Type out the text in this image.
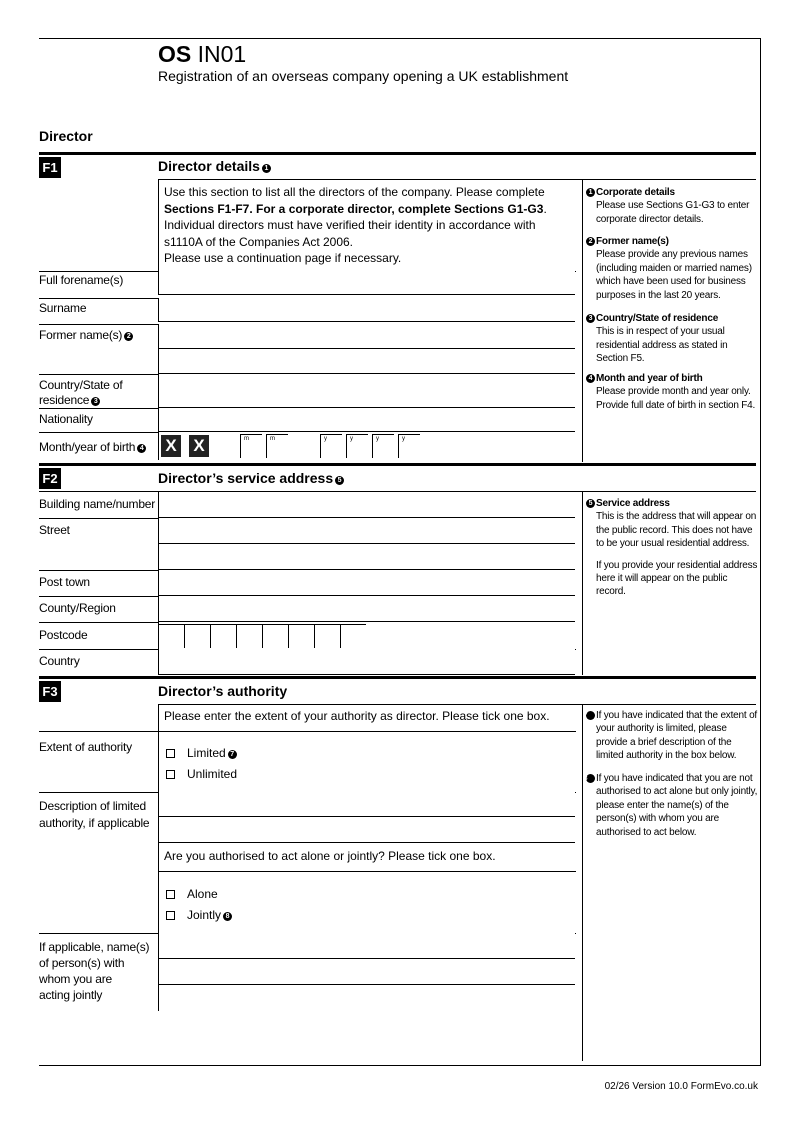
OS IN01
Registration of an overseas company opening a UK establishment
Director
F1	Director details 1
Use this section to list all the directors of the company. Please complete
Sections F1-F7. For a corporate director, complete Sections G1-G3.
Individual directors must have verified their identity in accordance with
s1110A of the Companies Act 2006.
Please use a continuation page if necessary.
Full forename(s)
Surname
Former name(s) 2
Country/State of
residence 3
Nationality
Month/year of birth 4 X X	m	m	y	y	y	y
1 Corporate details
Please use Sections G1-G3 to enter corporate director details.
2 Former name(s)
Please provide any previous names (including maiden or married names) which have been used for business purposes in the last 20 years.
3 Country/State of residence
This is in respect of your usual residential address as stated in Section F5.
4 Month and year of birth
Please provide month and year only. Provide full date of birth in section F4.
F2	Director’s service address 5
Building name/number
Street
Post town
County/Region
Postcode
Country
5 Service address
This is the address that will appear on the public record. This does not have to be your usual residential address.
If you provide your residential address here it will appear on the public record.
F3	Director’s authority
Please enter the extent of your authority as director. Please tick one box.
Extent of authority	Limited 7
Unlimited
Description of limited
authority, if applicable
Are you authorised to act alone or jointly? Please tick one box.
Alone
Jointly 8
If applicable, name(s)
of person(s) with
whom you are
acting jointly
7 If you have indicated that the extent of your authority is limited, please provide a brief description of the limited authority in the box below.
8 If you have indicated that you are not authorised to act alone but only jointly, please enter the name(s) of the person(s) with whom you are authorised to act below.
02/26 Version 10.0 FormEvo.co.uk
